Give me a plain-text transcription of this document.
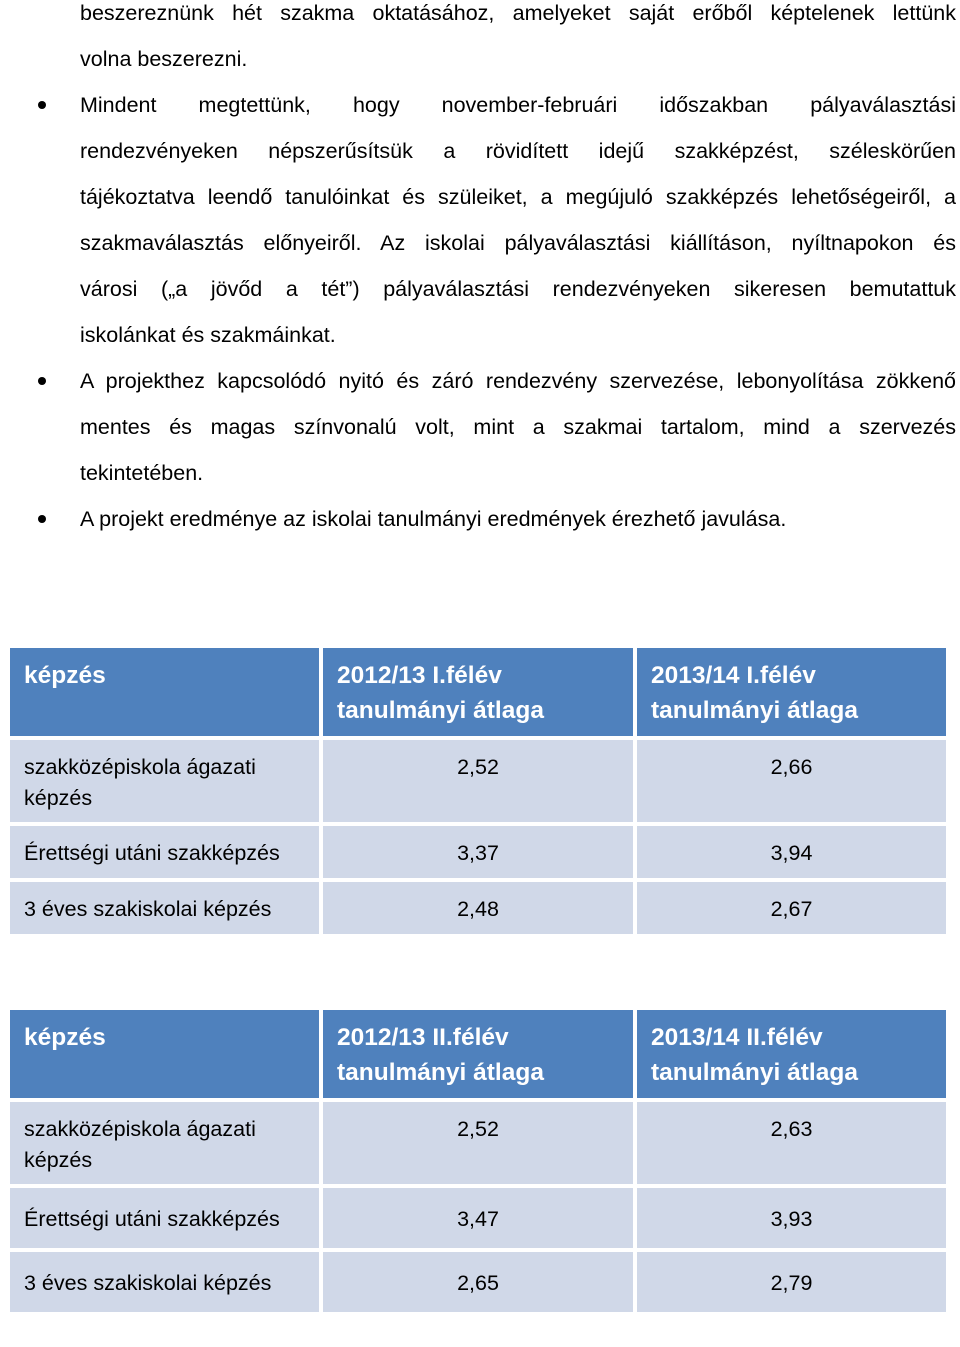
beszereznünk hét szakma oktatásához, amelyeket saját erőből képtelenek lettünk
volna beszerezni.
Mindent megtettünk, hogy november-februári időszakban pályaválasztási
rendezvényeken népszerűsítsük a rövidített idejű szakképzést, széleskörűen
tájékoztatva leendő tanulóinkat és szüleiket, a megújuló szakképzés lehetőségeiről, a
szakmaválasztás előnyeiről. Az iskolai pályaválasztási kiállításon, nyíltnapokon és
városi („a jövőd a tét”) pályaválasztási rendezvényeken sikeresen bemutattuk
iskolánkat és szakmáinkat.
A projekthez kapcsolódó nyitó és záró rendezvény szervezése, lebonyolítása zökkenő
mentes és magas színvonalú volt, mint a szakmai tartalom, mind a szervezés
tekintetében.
A projekt eredménye az iskolai tanulmányi eredmények érezhető javulása.
képzés	2012/13 I.félév tanulmányi átlaga	2013/14 I.félév tanulmányi átlaga
szakközépiskola ágazati képzés	2,52	2,66
Érettségi utáni szakképzés	3,37	3,94
3 éves szakiskolai képzés	2,48	2,67
képzés	2012/13 II.félév tanulmányi átlaga	2013/14 II.félév tanulmányi átlaga
szakközépiskola ágazati képzés	2,52	2,63
Érettségi utáni szakképzés	3,47	3,93
3 éves szakiskolai képzés	2,65	2,79
